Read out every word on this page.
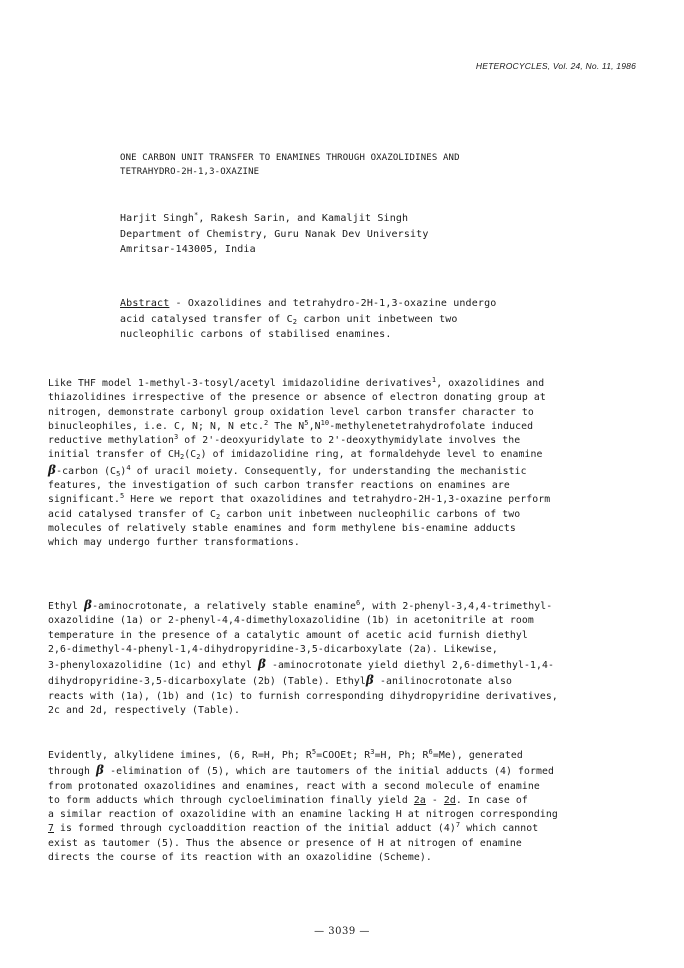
HETEROCYCLES, Vol. 24, No. 11, 1986
ONE CARBON UNIT TRANSFER TO ENAMINES THROUGH OXAZOLIDINES AND
TETRAHYDRO-2H-1,3-OXAZINE
Harjit Singh*, Rakesh Sarin, and Kamaljit Singh
Department of Chemistry, Guru Nanak Dev University
Amritsar-143005, India
Abstract - Oxazolidines and tetrahydro-2H-1,3-oxazine undergo
acid catalysed transfer of $C_2$ carbon unit inbetween two
nucleophilic carbons of stabilised enamines.
Like THF model 1-methyl-3-tosyl/acetyl imidazolidine derivatives$^1$, oxazolidines and
thiazolidines irrespective of the presence or absence of electron donating group at
nitrogen, demonstrate carbonyl group oxidation level carbon transfer character to
binucleophiles, i.e. C, N; N, N etc.$^2$ The $N^5,N^{10}$-methylenetetrahydrofolate induced
reductive methylation$^3$ of 2'-deoxyuridylate to 2'-deoxythymidylate involves the
initial transfer of $CH_2(C_2)$ of imidazolidine ring, at formaldehyde level to enamine
β-carbon $(C_5)^4$ of uracil moiety. Consequently, for understanding the mechanistic
features, the investigation of such carbon transfer reactions on enamines are
significant.$^5$ Here we report that oxazolidines and tetrahydro-2H-1,3-oxazine perform
acid catalysed transfer of $C_2$ carbon unit inbetween nucleophilic carbons of two
molecules of relatively stable enamines and form methylene bis-enamine adducts
which may undergo further transformations.
Ethyl β-aminocrotonate, a relatively stable enamine$^6$, with 2-phenyl-3,4,4-trimethyl-
oxazolidine (1a) or 2-phenyl-4,4-dimethyloxazolidine (1b) in acetonitrile at room
temperature in the presence of a catalytic amount of acetic acid furnish diethyl
2,6-dimethyl-4-phenyl-1,4-dihydropyridine-3,5-dicarboxylate (2a). Likewise,
3-phenyloxazolidine (1c) and ethyl β -aminocrotonate yield diethyl 2,6-dimethyl-1,4-
dihydropyridine-3,5-dicarboxylate (2b) (Table). Ethylβ -anilinocrotonate also
reacts with (1a), (1b) and (1c) to furnish corresponding dihydropyridine derivatives,
2c and 2d, respectively (Table).
Evidently, alkylidene imines, (6, R=H, Ph; $R^5=COOEt$; $R^3=H$, Ph; $R^6=Me$), generated
through β -elimination of (5), which are tautomers of the initial adducts (4) formed
from protonated oxazolidines and enamines, react with a second molecule of enamine
to form adducts which through cycloelimination finally yield 2a - 2d. In case of
a similar reaction of oxazolidine with an enamine lacking H at nitrogen corresponding
7 is formed through cycloaddition reaction of the initial adduct $(4)^7$ which cannot
exist as tautomer (5). Thus the absence or presence of H at nitrogen of enamine
directs the course of its reaction with an oxazolidine (Scheme).
— 3039 —
